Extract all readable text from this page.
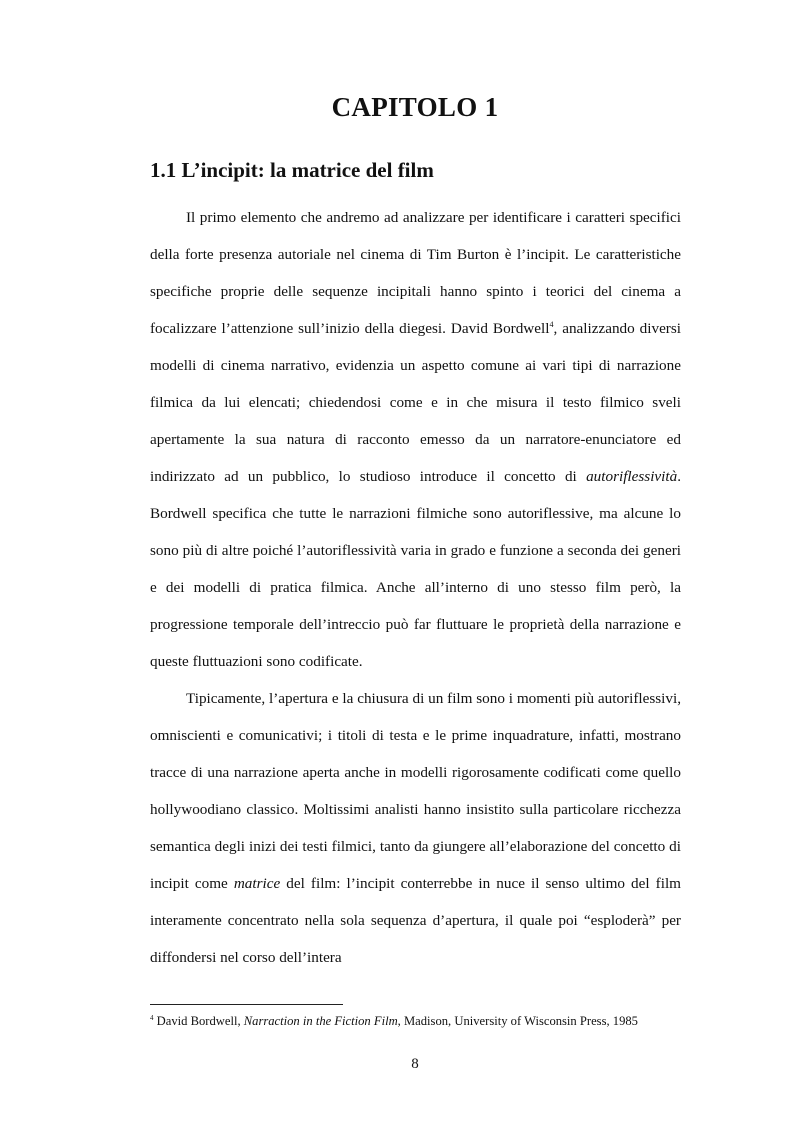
CAPITOLO 1
1.1 L’incipit: la matrice del film

Il primo elemento che andremo ad analizzare per identificare i caratteri specifici della forte presenza autoriale nel cinema di Tim Burton è l’incipit. Le caratteristiche specifiche proprie delle sequenze incipitali hanno spinto i teorici del cinema a focalizzare l’attenzione sull’inizio della diegesi. David Bordwell$^4$, analizzando diversi modelli di cinema narrativo, evidenzia un aspetto comune ai vari tipi di narrazione filmica da lui elencati; chiedendosi come e in che misura il testo filmico sveli apertamente la sua natura di racconto emesso da un narratore-enunciatore ed indirizzato ad un pubblico, lo studioso introduce il concetto di autoriflessività. Bordwell specifica che tutte le narrazioni filmiche sono autoriflessive, ma alcune lo sono più di altre poiché l’autoriflessività varia in grado e funzione a seconda dei generi e dei modelli di pratica filmica. Anche all’interno di uno stesso film però, la progressione temporale dell’intreccio può far fluttuare le proprietà della narrazione e queste fluttuazioni sono codificate.

Tipicamente, l’apertura e la chiusura di un film sono i momenti più autoriflessivi, omniscienti e comunicativi; i titoli di testa e le prime inquadrature, infatti, mostrano tracce di una narrazione aperta anche in modelli rigorosamente codificati come quello hollywoodiano classico. Moltissimi analisti hanno insistito sulla particolare ricchezza semantica degli inizi dei testi filmici, tanto da giungere all’elaborazione del concetto di incipit come matrice del film: l’incipit conterrebbe in nuce il senso ultimo del film interamente concentrato nella sola sequenza d’apertura, il quale poi “esploderà” per diffondersi nel corso dell’intera

$^4$ David Bordwell, Narraction in the Fiction Film, Madison, University of Wisconsin Press, 1985

8
